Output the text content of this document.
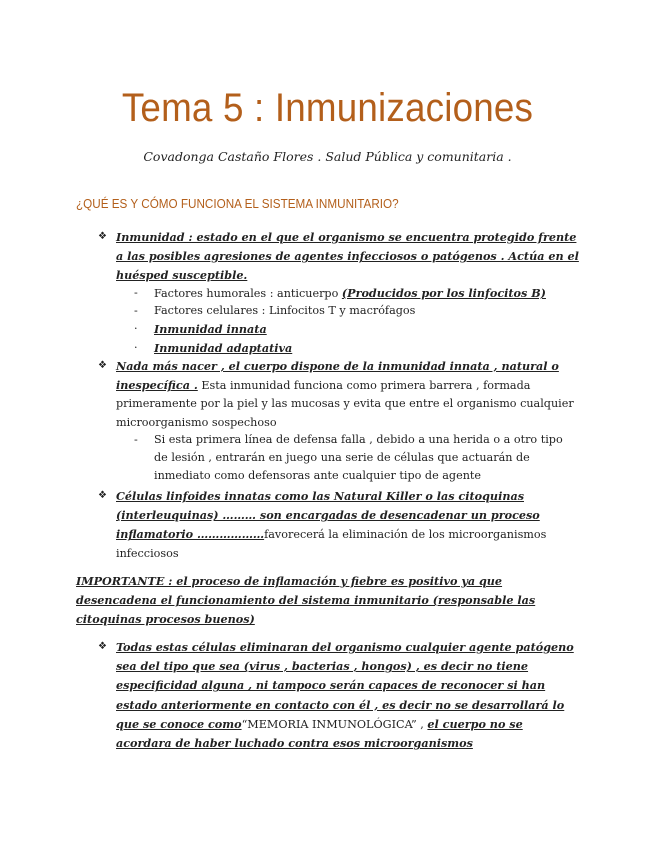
Tema 5 : Inmunizaciones
Covadonga Castaño Flores . Salud Pública y comunitaria .
¿QUÉ ES Y CÓMO FUNCIONA EL SISTEMA INMUNITARIO?
❖ Inmunidad : estado en el que el organismo se encuentra protegido frente a las posibles agresiones de agentes infecciosos o patógenos . Actúa en el huésped susceptible.
- Factores humorales : anticuerpo (Producidos por los linfocitos B)
- Factores celulares : Linfocitos T y macrófagos
· Inmunidad innata
· Inmunidad adaptativa
❖ Nada más nacer , el cuerpo dispone de la inmunidad innata , natural o inespecífica . Esta inmunidad funciona como primera barrera , formada primeramente por la piel y las mucosas y evita que entre el organismo cualquier microorganismo sospechoso
- Si esta primera línea de defensa falla , debido a una herida o a otro tipo de lesión , entrarán en juego una serie de células que actuarán de inmediato como defensoras ante cualquier tipo de agente
❖ Células linfoides innatas como las Natural Killer o las citoquinas (interleuquinas) ……… son encargadas de desencadenar un proceso inflamatorio ………………favorecerá la eliminación de los microorganismos infecciosos
IMPORTANTE : el proceso de inflamación y fiebre es positivo ya que desencadena el funcionamiento del sistema inmunitario (responsable las citoquinas procesos buenos)
❖ Todas estas células eliminaran del organismo cualquier agente patógeno sea del tipo que sea (virus , bacterias , hongos) , es decir no tiene especificidad alguna , ni tampoco serán capaces de reconocer si han estado anteriormente en contacto con él , es decir no se desarrollará lo que se conoce como“MEMORIA INMUNOLÓGICA” , el cuerpo no se acordara de haber luchado contra esos microorganismos
